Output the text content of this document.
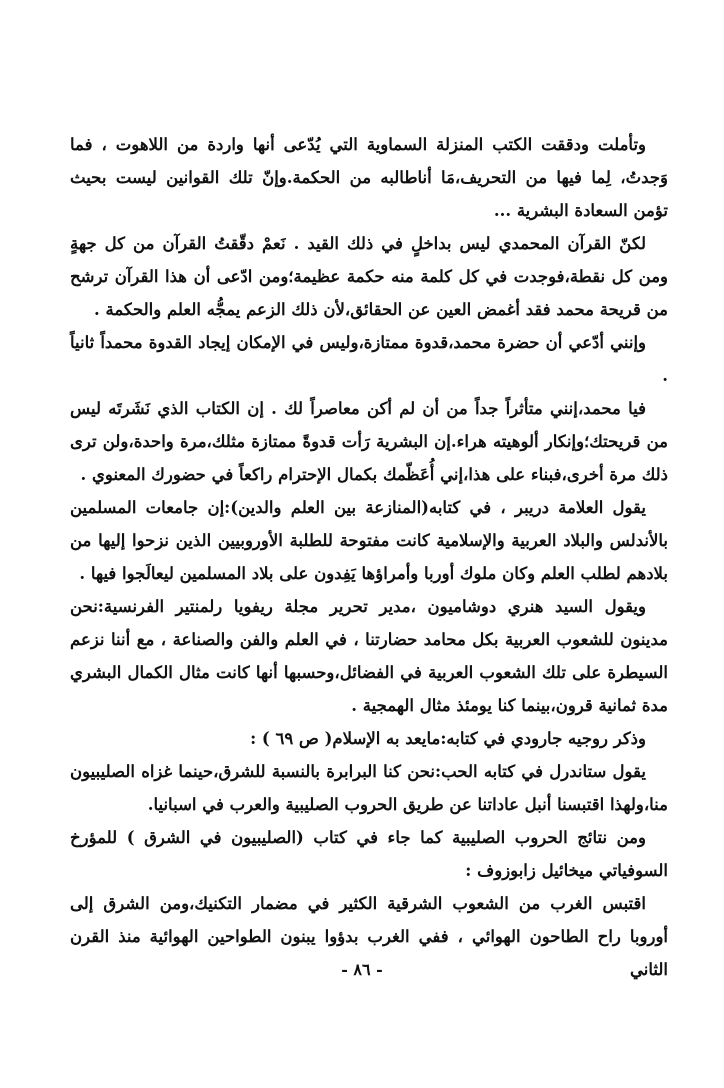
وتأملت ودققت الكتب المنزلة السماوية التي يُدّعى أنها واردة من اللاهوت ، فما وَجدتُ، لِما فيها من التحريف،مَا أناطالبه من الحكمة.وإنّ تلك القوانين ليست بحيث تؤمن السعادة البشرية ...

لكنّ القرآن المحمدي ليس بداخلٍ في ذلك القيد . نَعمْ دقّقتُ القرآن من كل جهةٍ ومن كل نقطة،فوجدت في كل كلمة منه حكمة عظيمة؛ومن ادّعى أن هذا القرآن ترشح من قريحة محمد فقد أغمض العين عن الحقائق،لأن ذلك الزعم يمجُّه العلم والحكمة .

وإنني أدّعي أن حضرة محمد،قدوة ممتازة،وليس في الإمكان إيجاد القدوة محمداً ثانياً .

فيا محمد،إنني متأثراً جداً من أن لم أكن معاصراً لك . إن الكتاب الذي نَشَرتَه ليس من قريحتك؛وإنكار ألوهيته هراء.إن البشرية رَأت قدوةً ممتازة مثلك،مرة واحدة،ولن ترى ذلك مرة أخرى،فبناء على هذا،إني أُعَظّمك بكمال الإحترام راكعاً في حضورك المعنوي .

يقول العلامة دريبر ، في كتابه(المنازعة بين العلم والدين):إن جامعات المسلمين بالأندلس والبلاد العربية والإسلامية كانت مفتوحة للطلبة الأوروبيين الذين نزحوا إليها من بلادهم لطلب العلم وكان ملوك أوربا وأمراؤها يَفِدون على بلاد المسلمين ليعالَجوا فيها .

ويقول السيد هنري دوشاميون ،مدير تحرير مجلة ريفويا رلمنتير الفرنسية:نحن مدينون للشعوب العربية بكل محامد حضارتنا ، في العلم والفن والصناعة ، مع أننا نزعم السيطرة على تلك الشعوب العربية في الفضائل،وحسبها أنها كانت مثال الكمال البشري مدة ثمانية قرون،بينما كنا يومئذ مثال الهمجية .

وذكر روجيه جارودي في كتابه:مايعد به الإسلام( ص ٦٩ ) :

يقول ستاندرل في كتابه الحب:نحن كنا البرابرة بالنسبة للشرق،حينما غزاه الصليبيون منا،ولهذا اقتبسنا أنبل عاداتنا عن طريق الحروب الصليبية والعرب في اسبانيا.

ومن نتائج الحروب الصليبية كما جاء في كتاب (الصليبيون في الشرق ) للمؤرخ السوفياتي ميخائيل زابوزوف :

اقتبس الغرب من الشعوب الشرقية الكثير في مضمار التكنيك،ومن الشرق إلى أوروبا راح الطاحون الهوائي ، ففي الغرب بدؤوا يبنون الطواحين الهوائية منذ القرن الثاني

- ٨٦ -
